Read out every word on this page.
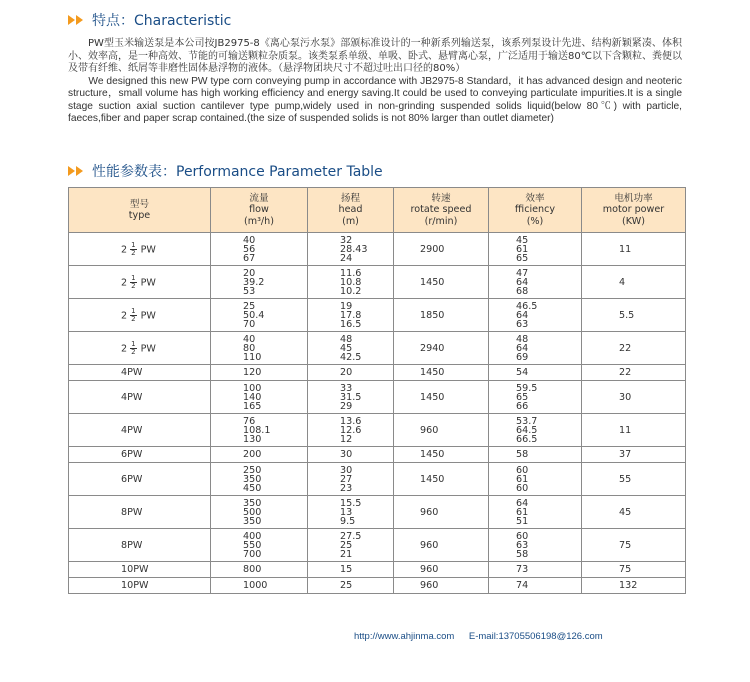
特点：Characteristic

PW型玉米输送泵是本公司按JB2975-8《离心泵污水泵》部颁标准设计的一种新系列输送泵，该系列泵设计先进、结构新颖紧凑、体积小、效率高，是一种高效、节能的可输送颗粒杂质泵。该类泵系单级、单吸、卧式、悬臂离心泵，广泛适用于输送80℃以下含颗粒、粪便以及带有纤维、纸屑等非磨性固体悬浮物的液体。（悬浮物团块尺寸不超过吐出口径的80%）

We designed this new PW type corn conveying pump in accordance with JB2975-8 Standard，it has advanced design and neoteric structure，small volume has high working efficiency and energy saving.It could be used to conveying particulate impurities.It is a single stage suction axial suction cantilever type pump,widely used in non-grinding suspended solids liquid(below 80℃) with particle, faeces,fiber and paper scrap contained.(the size of suspended solids is not 80% larger than outlet diameter)

性能参数表：Performance Parameter Table
型号
type	流量
flow
(m³/h)	扬程
head
(m)	转速
rotate speed
(r/min)	效率
fficiency
(%)	电机功率
motor power
(KW)

$2 \frac{1}{2}$ PW	40
56
67	32
28.43
24	2900	45
61
65	11

$2 \frac{1}{2}$ PW	20
39.2
53	11.6
10.8
10.2	1450	47
64
68	4

$2 \frac{1}{2}$ PW	25
50.4
70	19
17.8
16.5	1850	46.5
64
63	5.5

$2 \frac{1}{2}$ PW	40
80
110	48
45
42.5	2940	48
64
69	22

4PW	120	20	1450	54	22

4PW	100
140
165	33
31.5
29	1450	59.5
65
66	30

4PW	76
108.1
130	13.6
12.6
12	960	53.7
64.5
66.5	11

6PW	200	30	1450	58	37

6PW	250
350
450	30
27
23	1450	60
61
60	55

8PW	350
500
350	15.5
13
9.5	960	64
61
51	45

8PW	400
550
700	27.5
25
21	960	60
63
58	75

10PW	800	15	960	73	75

10PW	1000	25	960	74	132
http://www.ahjinma.com E-mail:13705506198@126.com
